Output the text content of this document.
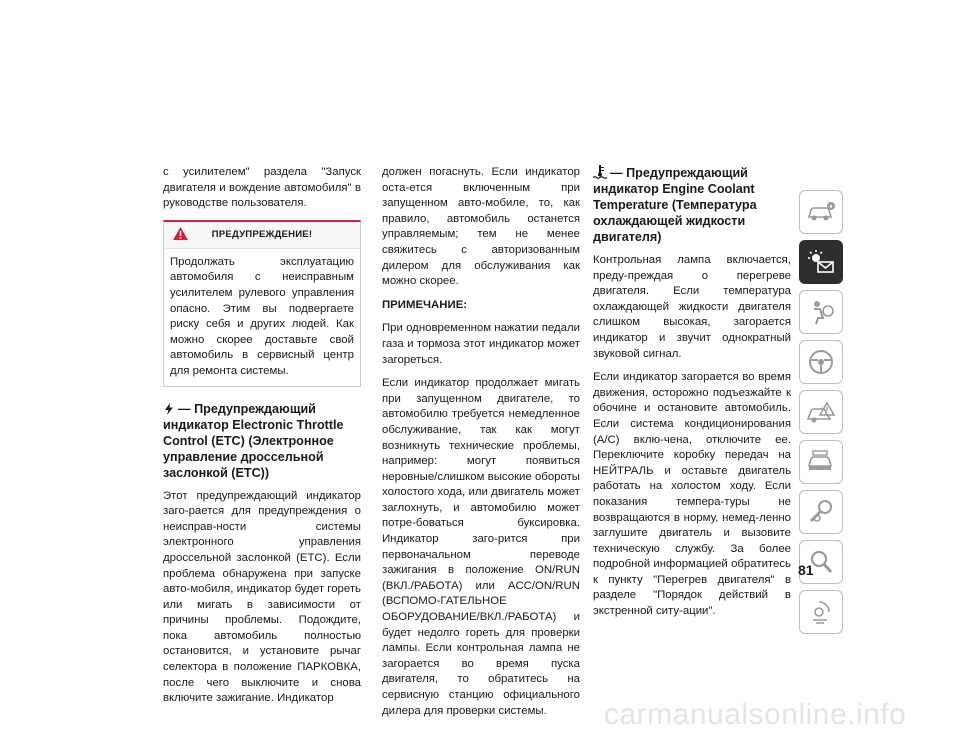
с усилителем" раздела "Запуск двигателя и вождение автомобиля" в руководстве пользователя.

ПРЕДУПРЕЖДЕНИЕ!
Продолжать эксплуатацию автомобиля с неисправным усилителем рулевого управления опасно. Этим вы подвергаете риску себя и других людей. Как можно скорее доставьте свой автомобиль в сервисный центр для ремонта системы.
— Предупреждающий индикатор Electronic Throttle Control (ETC) (Электронное управление дроссельной заслонкой (ETC))

Этот предупреждающий индикатор заго-рается для предупреждения о неисправ-ности системы электронного управления дроссельной заслонкой (ETC). Если проблема обнаружена при запуске авто-мобиля, индикатор будет гореть или мигать в зависимости от причины проблемы. Подождите, пока автомобиль полностью остановится, и установите рычаг селектора в положение ПАРКОВКА, после чего выключите и снова включите зажигание. Индикатор

должен погаснуть. Если индикатор оста-ется включенным при запущенном авто-мобиле, то, как правило, автомобиль останется управляемым; тем не менее свяжитесь с авторизованным дилером для обслуживания как можно скорее.

ПРИМЕЧАНИЕ:

При одновременном нажатии педали газа и тормоза этот индикатор может загореться.

Если индикатор продолжает мигать при запущенном двигателе, то автомобилю требуется немедленное обслуживание, так как могут возникнуть технические проблемы, например: могут появиться неровные/слишком высокие обороты холостого хода, или двигатель может заглохнуть, и автомобилю может потре-боваться буксировка. Индикатор заго-рится при первоначальном переводе зажигания в положение ON/RUN (ВКЛ./РАБОТА) или ACC/ON/RUN (ВСПОМО-ГАТЕЛЬНОЕ ОБОРУДОВАНИЕ/ВКЛ./РАБОТА) и будет недолго гореть для проверки лампы. Если контрольная лампа не загорается во время пуска двигателя, то обратитесь на сервисную станцию официального дилера для проверки системы.

— Предупреждающий индикатор Engine Coolant Temperature (Температура охлаждающей жидкости двигателя)

Контрольная лампа включается, преду-преждая о перегреве двигателя. Если температура охлаждающей жидкости двигателя слишком высокая, загорается индикатор и звучит однократный звуковой сигнал.

Если индикатор загорается во время движения, осторожно подъезжайте к обочине и остановите автомобиль. Если система кондиционирования (A/C) вклю-чена, отключите ее. Переключите коробку передач на НЕЙТРАЛЬ и оставьте двигатель работать на холостом ходу. Если показания темпера-туры не возвращаются в норму, немед-ленно заглушите двигатель и вызовите техническую службу. За более подробной информацией обратитесь к пункту "Перегрев двигателя" в разделе "Порядок действий в экстренной ситу-ации".

81
carmanualsonline.info
